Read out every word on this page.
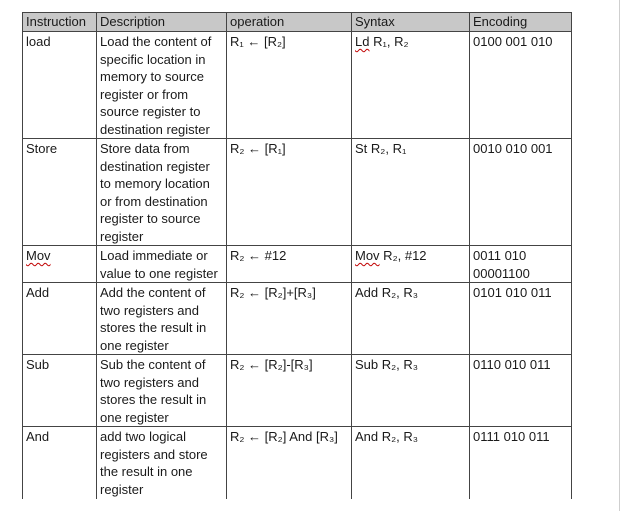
Instruction	Description	operation	Syntax	Encoding
load	Load the content of specific location in memory to source register or from source register to destination register	R₁ ← [R₂]	Ld R₁, R₂	0100 001 010
Store	Store data from destination register to memory location or from destination register to source register	R₂ ← [R₁]	St R₂, R₁	0010 010 001
Mov	Load immediate or value to one register	R₂ ← #12	Mov R₂, #12	0011 010 00001100
Add	Add the content of two registers and stores the result in one register	R₂ ← [R₂]+[R₃]	Add R₂, R₃	0101 010 011
Sub	Sub the content of two registers and stores the result in one register	R₂ ← [R₂]-[R₃]	Sub R₂, R₃	0110 010 011
And	add two logical registers and store the result in one register	R₂ ← [R₂] And [R₃]	And R₂, R₃	0111 010 011
